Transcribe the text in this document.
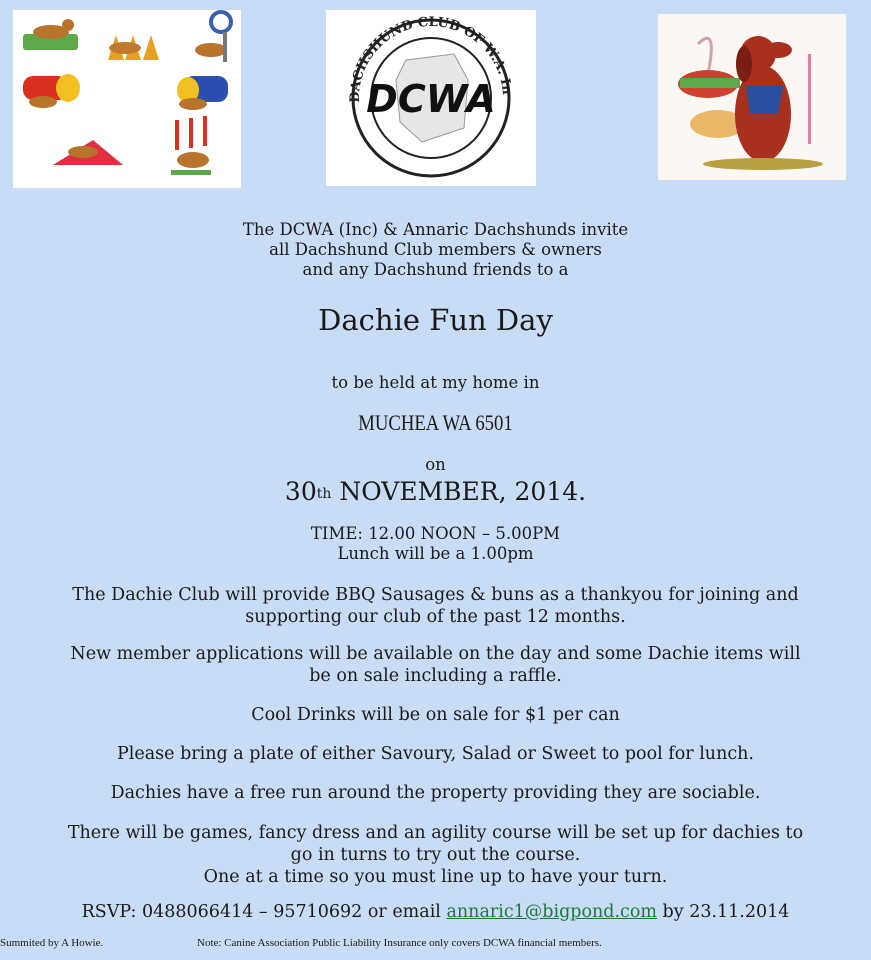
DACHSHUND CLUB OF W.A. In
DCWA
The DCWA (Inc) & Annaric Dachshunds invite
all Dachshund Club members & owners
and any Dachshund friends to a
Dachie Fun Day
to be held at my home in
MUCHEA WA 6501
on
30th NOVEMBER, 2014.
TIME: 12.00 NOON – 5.00PM
Lunch will be a 1.00pm
The Dachie Club will provide BBQ Sausages & buns as a thankyou for joining and
supporting our club of the past 12 months.
New member applications will be available on the day and some Dachie items will
be on sale including a raffle.
Cool Drinks will be on sale for $1 per can
Please bring a plate of either Savoury, Salad or Sweet to pool for lunch.
Dachies have a free run around the property providing they are sociable.
There will be games, fancy dress and an agility course will be set up for dachies to
go in turns to try out the course.
One at a time so you must line up to have your turn.
RSVP: 0488066414 – 95710692 or email annaric1@bigpond.com by 23.11.2014
Summited by A Howie.	Note: Canine Association Public Liability Insurance only covers DCWA financial members.
